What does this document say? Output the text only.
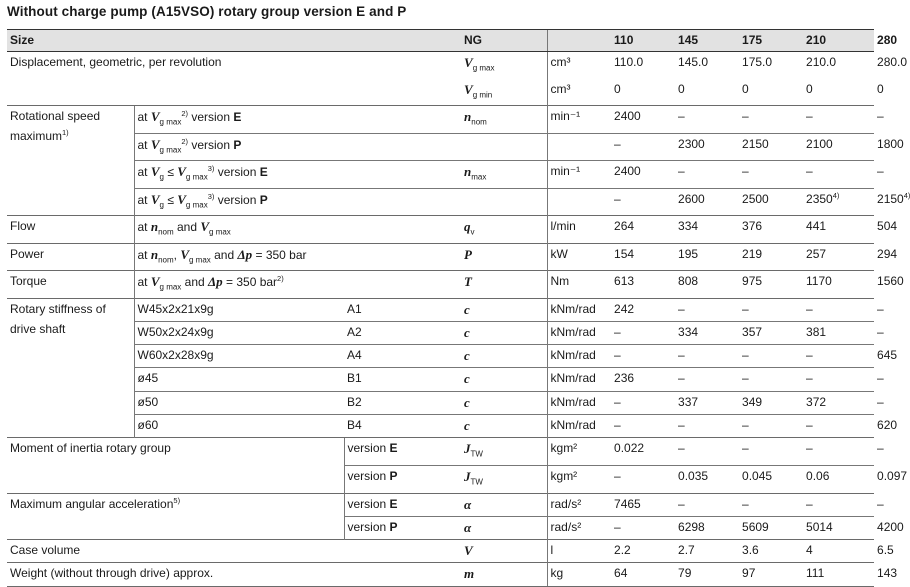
Without charge pump (A15VSO) rotary group version E and P
Size			NG		110	145	175	210	280
Displacement, geometric, per revolution			$V_{g max}$	cm³	110.0	145.0	175.0	210.0	280.0
			$V_{g min}$	cm³	0	0	0	0	0
Rotational speed
maximum$^{1)}$	at $V_{g max}^{2)}$ version E		$n_{nom}$	min⁻¹	2400	–	–	–	–
	at $V_{g max}^{2)}$ version P				–	2300	2150	2100	1800
	at $V_g \le V_{g max}^{3)}$ version E		$n_{max}$	min⁻¹	2400	–	–	–	–
	at $V_g \le V_{g max}^{3)}$ version P				–	2600	2500	2350$^{4)}$	2150$^{4)}$
Flow	at $n_{nom}$ and $V_{g max}$		$q_v$	l/min	264	334	376	441	504
Power	at $n_{nom}$, $V_{g max}$ and Δp = 350 bar		P	kW	154	195	219	257	294
Torque	at $V_{g max}$ and Δp = 350 bar$^{2)}$		T	Nm	613	808	975	1170	1560
Rotary stiffness of
drive shaft	W45x2x21x9g	A1	c	kNm/rad	242	–	–	–	–
	W50x2x24x9g	A2	c	kNm/rad	–	334	357	381	–
	W60x2x28x9g	A4	c	kNm/rad	–	–	–	–	645
	ø45	B1	c	kNm/rad	236	–	–	–	–
	ø50	B2	c	kNm/rad	–	337	349	372	–
	ø60	B4	c	kNm/rad	–	–	–	–	620
Moment of inertia rotary group		version E	$J_{TW}$	kgm²	0.022	–	–	–	–
		version P	$J_{TW}$	kgm²	–	0.035	0.045	0.06	0.097
Maximum angular acceleration$^{5)}$		version E	α	rad/s²	7465	–	–	–	–
		version P	α	rad/s²	–	6298	5609	5014	4200
Case volume			V	l	2.2	2.7	3.6	4	6.5
Weight (without through drive) approx.			m	kg	64	79	97	111	143
